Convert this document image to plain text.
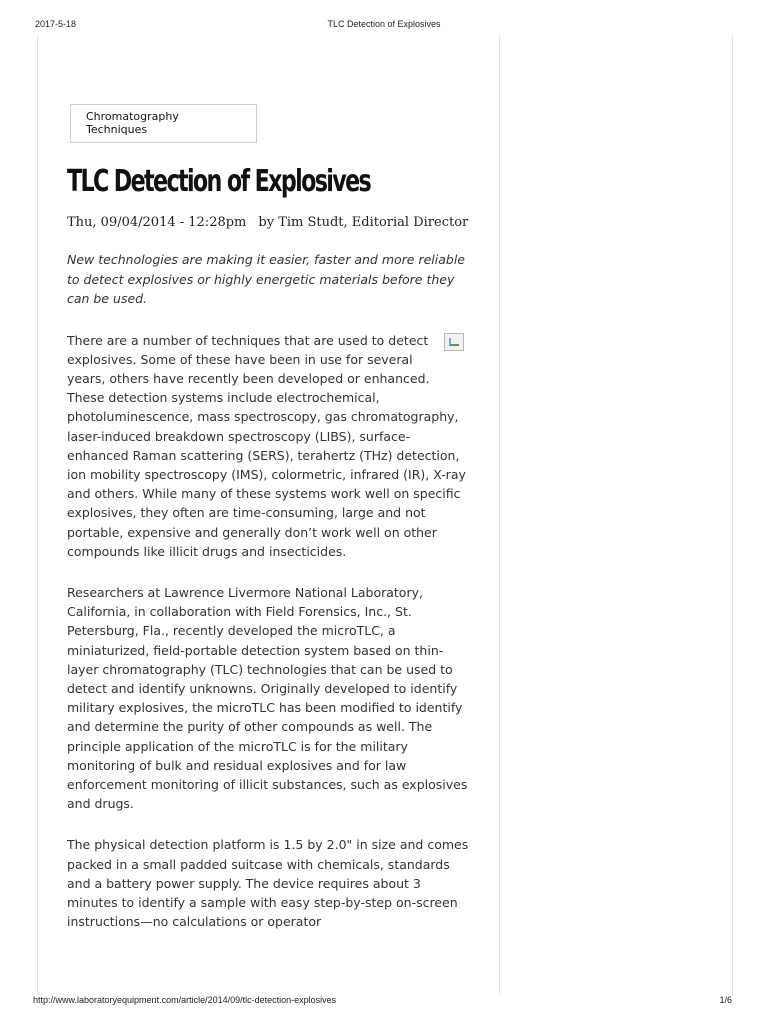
2017-5-18	TLC Detection of Explosives
Chromatography Techniques
TLC Detection of Explosives
Thu, 09/04/2014 - 12:28pm by Tim Studt, Editorial Director
New technologies are making it easier, faster and more reliable to detect explosives or highly energetic materials before they can be used.
There are a number of techniques that are used to detect explosives. Some of these have been in use for several years, others have recently been developed or enhanced. These detection systems include electrochemical, photoluminescence, mass spectroscopy, gas chromatography, laser-induced breakdown spectroscopy (LIBS), surface-enhanced Raman scattering (SERS), terahertz (THz) detection, ion mobility spectroscopy (IMS), colormetric, infrared (IR), X-ray and others. While many of these systems work well on specific explosives, they often are time-consuming, large and not portable, expensive and generally don’t work well on other compounds like illicit drugs and insecticides.
Researchers at Lawrence Livermore National Laboratory, California, in collaboration with Field Forensics, Inc., St. Petersburg, Fla., recently developed the microTLC, a miniaturized, field-portable detection system based on thin-layer chromatography (TLC) technologies that can be used to detect and identify unknowns. Originally developed to identify military explosives, the microTLC has been modified to identify and determine the purity of other compounds as well. The principle application of the microTLC is for the military monitoring of bulk and residual explosives and for law enforcement monitoring of illicit substances, such as explosives and drugs.
The physical detection platform is 1.5 by 2.0" in size and comes packed in a small padded suitcase with chemicals, standards and a battery power supply. The device requires about 3 minutes to identify a sample with easy step-by-step on-screen instructions—no calculations or operator
http://www.laboratoryequipment.com/article/2014/09/tlc-detection-explosives	1/6
